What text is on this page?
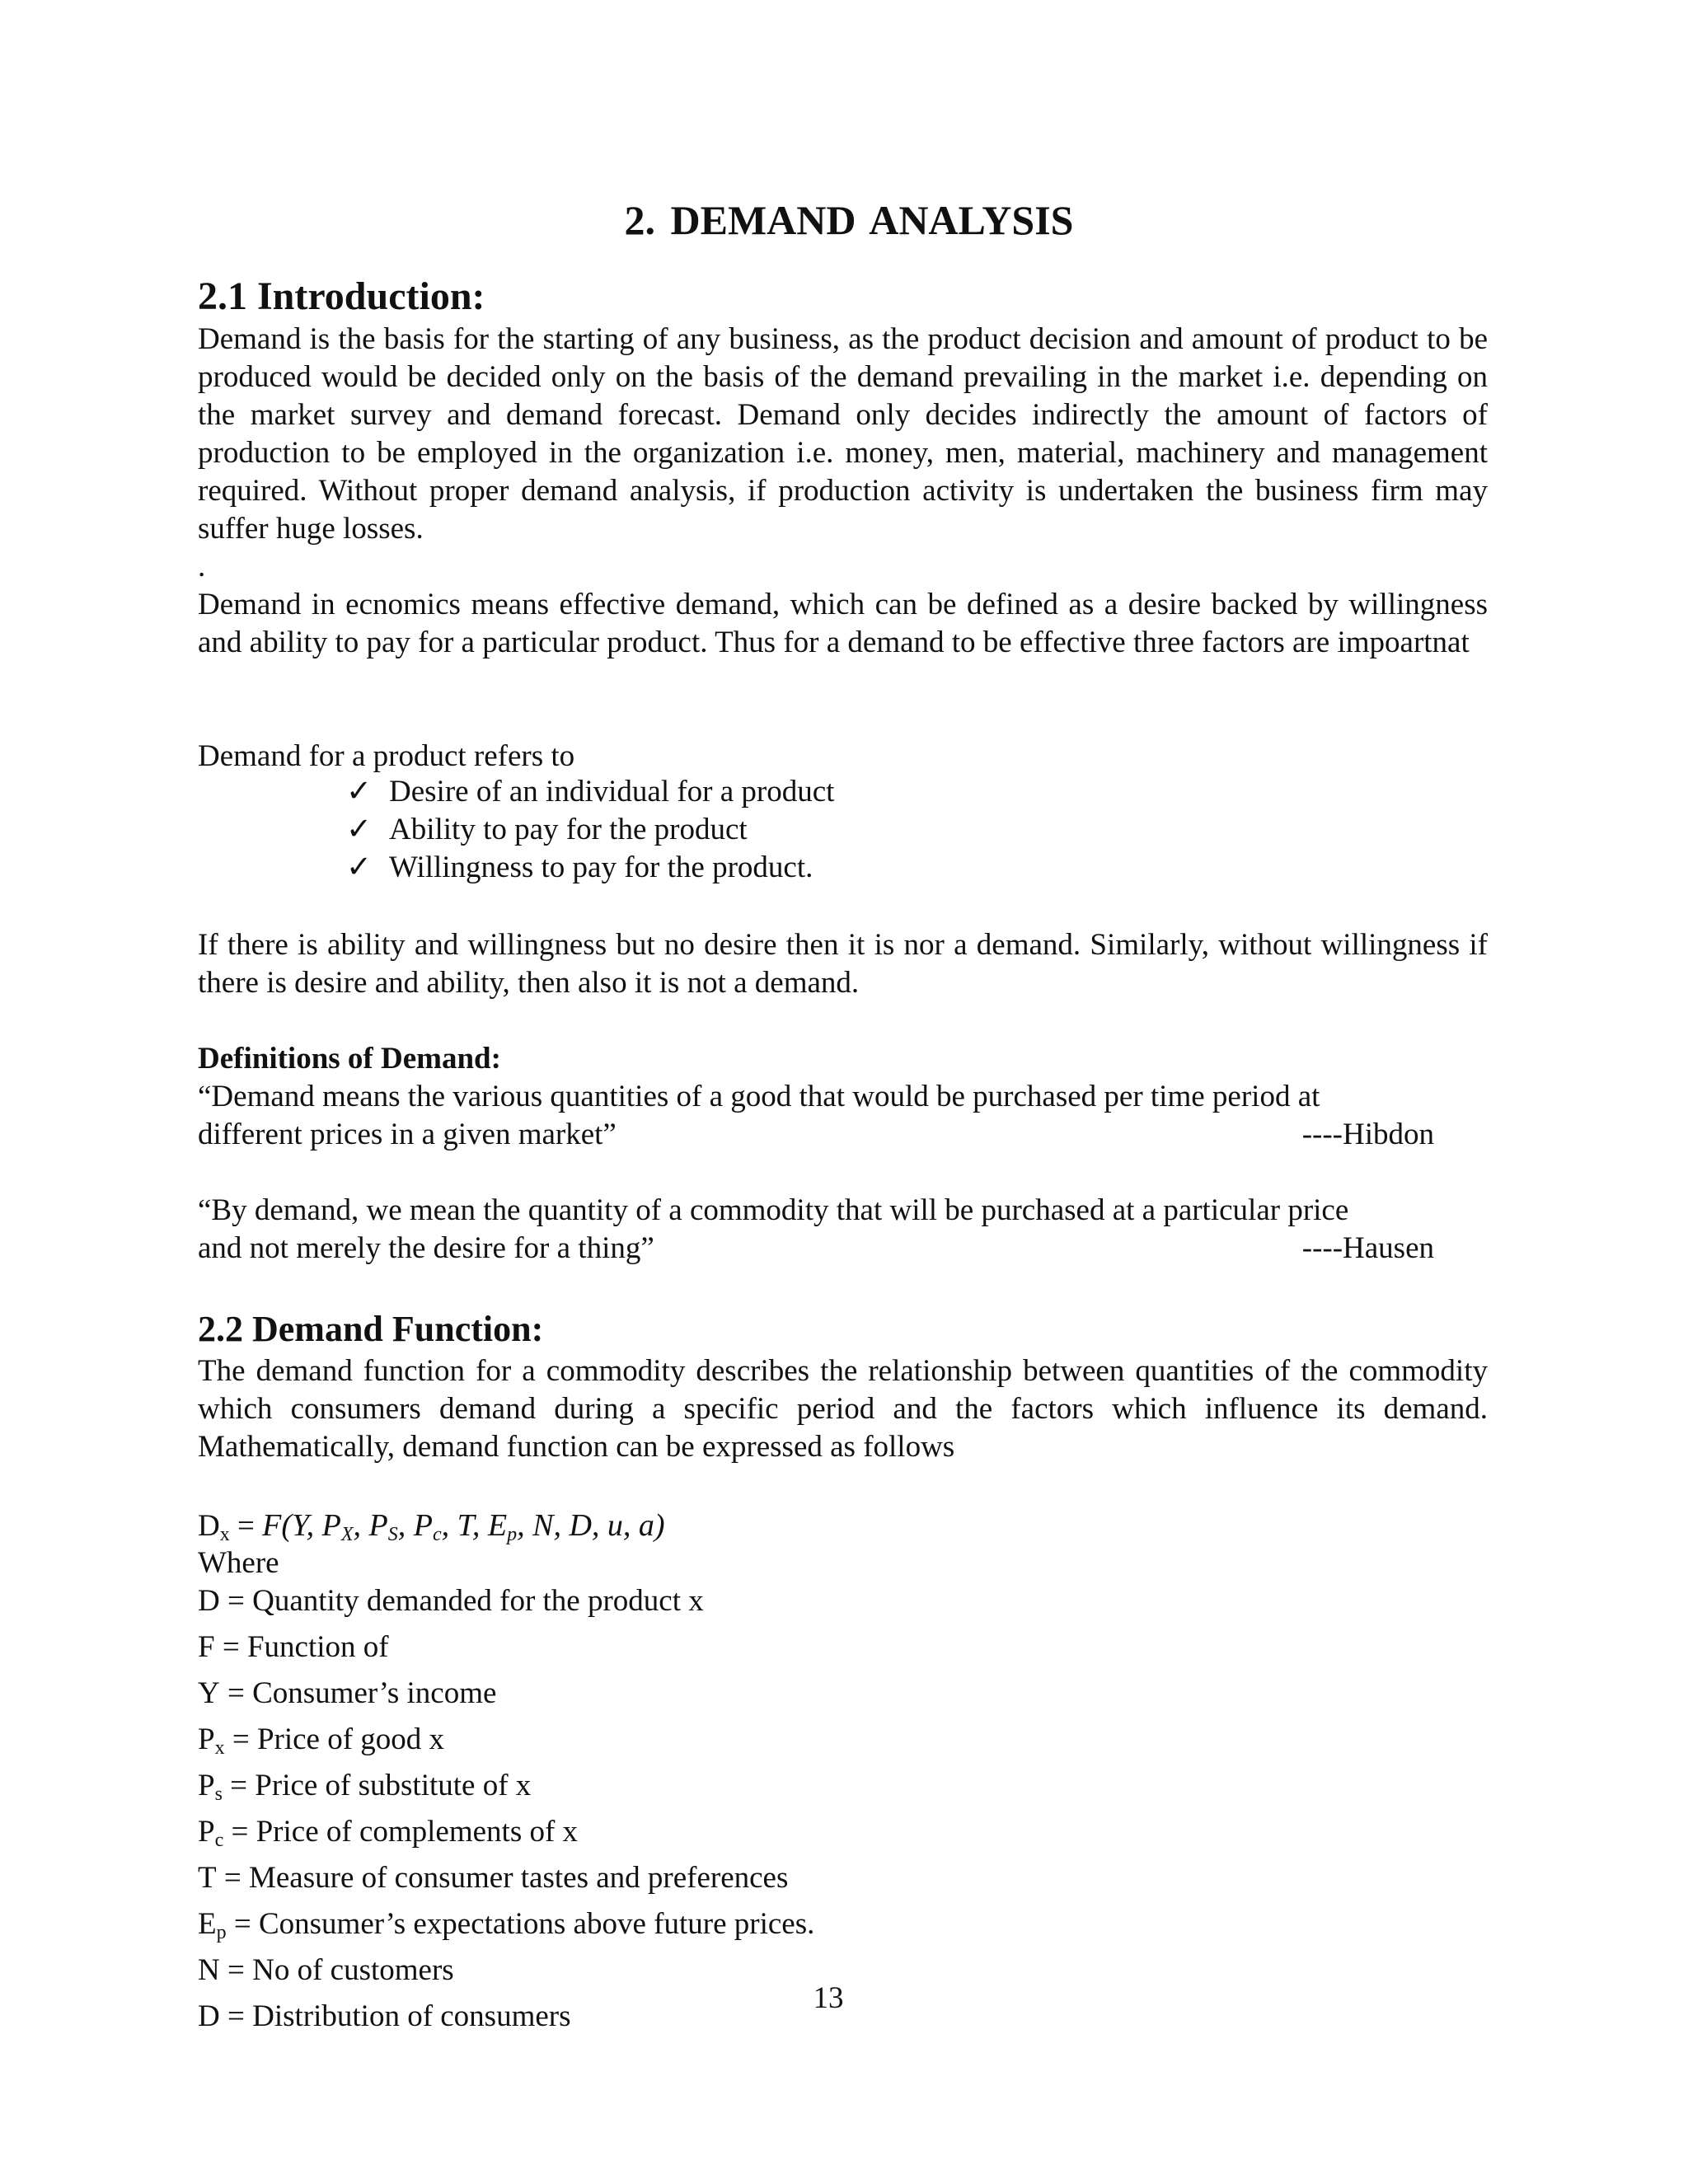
2. DEMAND ANALYSIS
2.1 Introduction:

Demand is the basis for the starting of any business, as the product decision and amount of product to be produced would be decided only on the basis of the demand prevailing in the market i.e. depending on the market survey and demand forecast. Demand only decides indirectly the amount of factors of production to be employed in the organization i.e. money, men, material, machinery and management required. Without proper demand analysis, if production activity is undertaken the business firm may suffer huge losses.

.

Demand in ecnomics means effective demand, which can be defined as a desire backed by willingness and ability to pay for a particular product. Thus for a demand to be effective three factors are impoartnat

Demand for a product refers to

✓ Desire of an individual for a product
✓ Ability to pay for the product
✓ Willingness to pay for the product.

If there is ability and willingness but no desire then it is nor a demand. Similarly, without willingness if there is desire and ability, then also it is not a demand.

Definitions of Demand:
“Demand means the various quantities of a good that would be purchased per time period at
different prices in a given market”	----Hibdon
“By demand, we mean the quantity of a commodity that will be purchased at a particular price
and not merely the desire for a thing”	----Hausen
2.2 Demand Function:

The demand function for a commodity describes the relationship between quantities of the commodity which consumers demand during a specific period and the factors which influence its demand. Mathematically, demand function can be expressed as follows

$D_x = F(Y$, $P_X$, $P_S$, $P_c$, T, $E_p$, N, D, u, a)

Where
D = Quantity demanded for the product x
F = Function of
Y = Consumer’s income
$P_x$ = Price of good x
$P_s$ = Price of substitute of x
$P_c$ = Price of complements of x
T = Measure of consumer tastes and preferences
$E_p$ = Consumer’s expectations above future prices.
N = No of customers
D = Distribution of consumers

13
